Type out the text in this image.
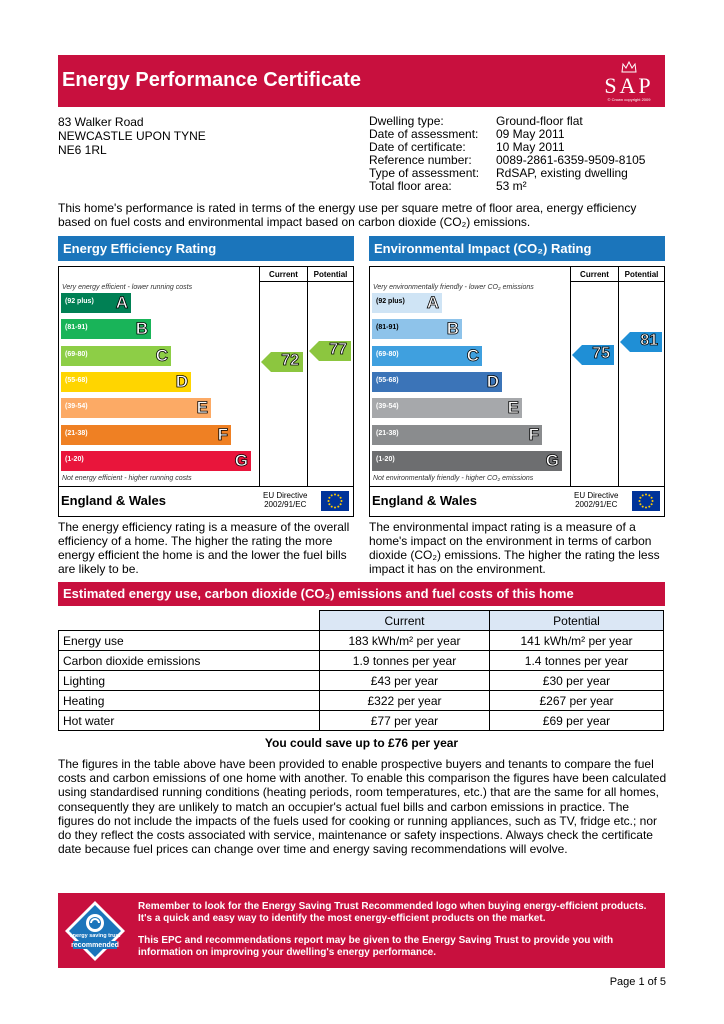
Energy Performance Certificate	SAP
© Crown copyright 2009
83 Walker Road
NEWCASTLE UPON TYNE
NE6 1RL
Dwelling type:	Ground-floor flat
Date of assessment:	09 May 2011
Date of certificate:	10 May 2011
Reference number:	0089-2861-6359-9509-8105
Type of assessment:	RdSAP, existing dwelling
Total floor area:	53 m²
This home's performance is rated in terms of the energy use per square metre of floor area, energy efficiency based on fuel costs and environmental impact based on carbon dioxide (CO₂) emissions.
Energy Efficiency Rating
Current	Potential
Very energy efficient - lower running costs
(92 plus) A
(81-91)	B
(69-80)	C
(55-68)	D
(39-54)	E
(21-38)	F
(1-20)	G
Not energy efficient - higher running costs
England & Wales	EU Directive
2002/91/EC
72
77
The energy efficiency rating is a measure of the overall efficiency of a home. The higher the rating the more energy efficient the home is and the lower the fuel bills are likely to be.
Environmental Impact (CO₂) Rating
Current	Potential
Very environmentally friendly - lower CO₂ emissions
(92 plus) A
(81-91)	B
(69-80)	C
(55-68)	D
(39-54)	E
(21-38)	F
(1-20)	G
Not environmentally friendly - higher CO₂ emissions
England & Wales	EU Directive
2002/91/EC
75
81
The environmental impact rating is a measure of a home's impact on the environment in terms of carbon dioxide (CO₂) emissions. The higher the rating the less impact it has on the environment.
Estimated energy use, carbon dioxide (CO₂) emissions and fuel costs of this home
	Current	Potential
Energy use	183 kWh/m² per year	141 kWh/m² per year
Carbon dioxide emissions	1.9 tonnes per year	1.4 tonnes per year
Lighting	£43 per year	£30 per year
Heating	£322 per year	£267 per year
Hot water	£77 per year	£69 per year
You could save up to £76 per year
The figures in the table above have been provided to enable prospective buyers and tenants to compare the fuel costs and carbon emissions of one home with another. To enable this comparison the figures have been calculated using standardised running conditions (heating periods, room temperatures, etc.) that are the same for all homes, consequently they are unlikely to match an occupier's actual fuel bills and carbon emissions in practice. The figures do not include the impacts of the fuels used for cooking or running appliances, such as TV, fridge etc.; nor do they reflect the costs associated with service, maintenance or safety inspections. Always check the certificate date because fuel prices can change over time and energy saving recommendations will evolve.
energy saving trust
recommended
Remember to look for the Energy Saving Trust Recommended logo when buying energy-efficient products. It's a quick and easy way to identify the most energy-efficient products on the market.
This EPC and recommendations report may be given to the Energy Saving Trust to provide you with information on improving your dwelling's energy performance.
Page 1 of 5
